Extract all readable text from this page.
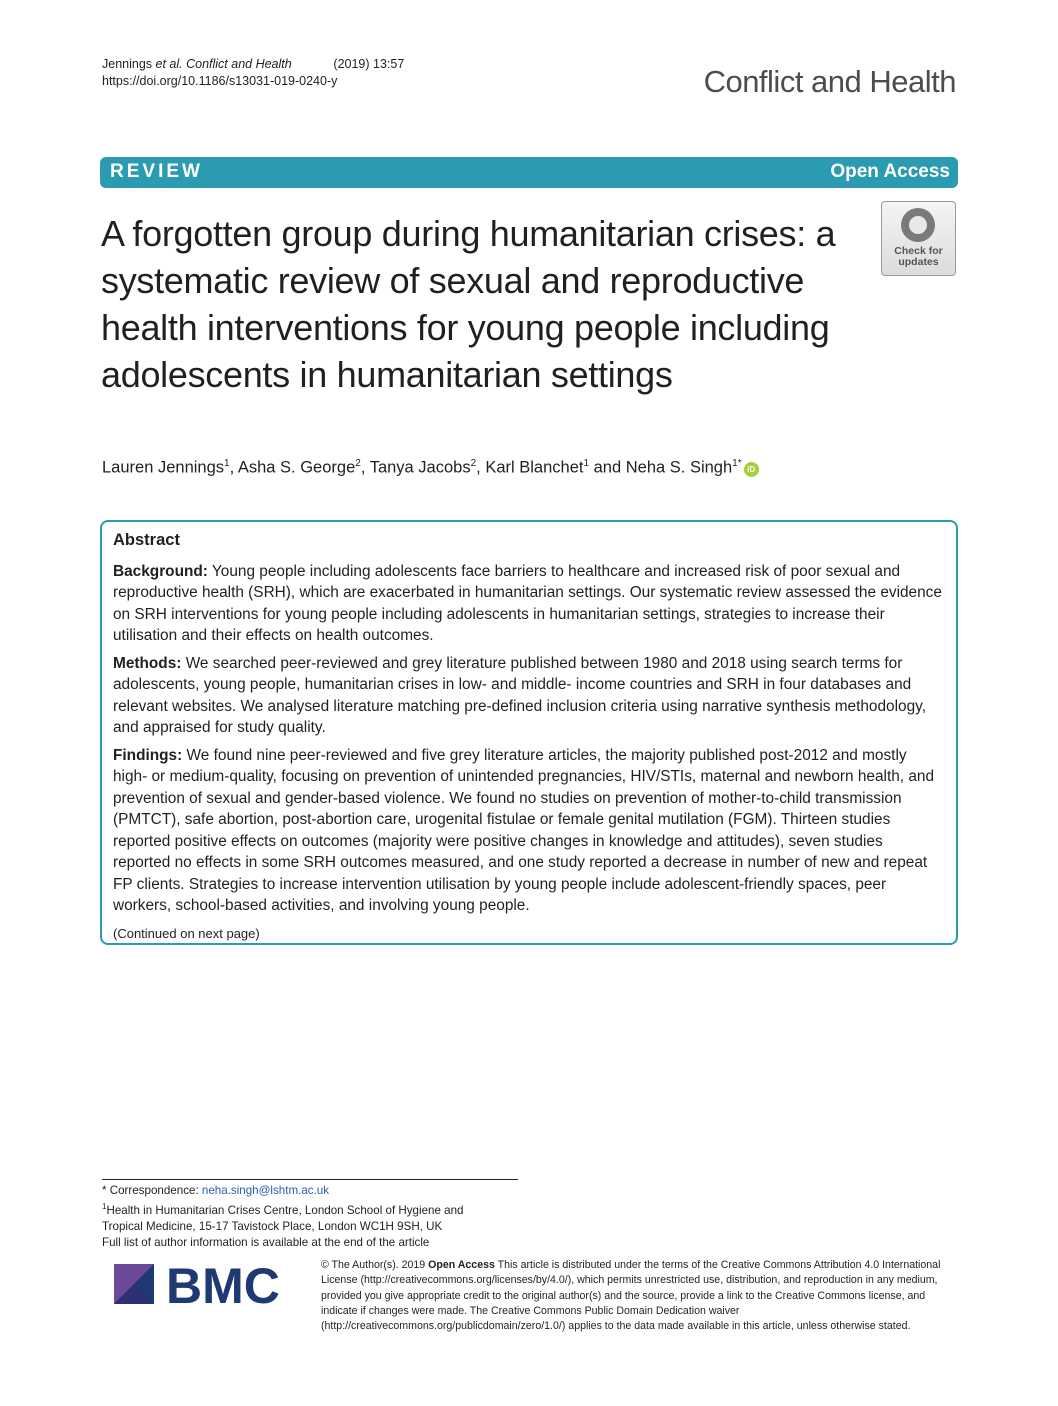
Jennings et al. Conflict and Health	(2019) 13:57
https://doi.org/10.1186/s13031-019-0240-y	Conflict and Health
REVIEW	Open Access
A forgotten group during humanitarian crises: a systematic review of sexual and reproductive health interventions for young people including adolescents in humanitarian settings
Check for updates
Lauren Jennings$^1$, Asha S. George$^2$, Tanya Jacobs$^2$, Karl Blanchet$^1$ and Neha S. Singh$^{1*}$ iD
Abstract

Background: Young people including adolescents face barriers to healthcare and increased risk of poor sexual and reproductive health (SRH), which are exacerbated in humanitarian settings. Our systematic review assessed the evidence on SRH interventions for young people including adolescents in humanitarian settings, strategies to increase their utilisation and their effects on health outcomes.

Methods: We searched peer-reviewed and grey literature published between 1980 and 2018 using search terms for adolescents, young people, humanitarian crises in low- and middle- income countries and SRH in four databases and relevant websites. We analysed literature matching pre-defined inclusion criteria using narrative synthesis methodology, and appraised for study quality.

Findings: We found nine peer-reviewed and five grey literature articles, the majority published post-2012 and mostly high- or medium-quality, focusing on prevention of unintended pregnancies, HIV/STIs, maternal and newborn health, and prevention of sexual and gender-based violence. We found no studies on prevention of mother-to-child transmission (PMTCT), safe abortion, post-abortion care, urogenital fistulae or female genital mutilation (FGM). Thirteen studies reported positive effects on outcomes (majority were positive changes in knowledge and attitudes), seven studies reported no effects in some SRH outcomes measured, and one study reported a decrease in number of new and repeat FP clients. Strategies to increase intervention utilisation by young people include adolescent-friendly spaces, peer workers, school-based activities, and involving young people.

(Continued on next page)
* Correspondence: neha.singh@lshtm.ac.uk
$^1$Health in Humanitarian Crises Centre, London School of Hygiene and Tropical Medicine, 15-17 Tavistock Place, London WC1H 9SH, UK
Full list of author information is available at the end of the article
BMC	© The Author(s). 2019 Open Access This article is distributed under the terms of the Creative Commons Attribution 4.0 International License (http://creativecommons.org/licenses/by/4.0/), which permits unrestricted use, distribution, and reproduction in any medium, provided you give appropriate credit to the original author(s) and the source, provide a link to the Creative Commons license, and indicate if changes were made. The Creative Commons Public Domain Dedication waiver (http://creativecommons.org/publicdomain/zero/1.0/) applies to the data made available in this article, unless otherwise stated.
